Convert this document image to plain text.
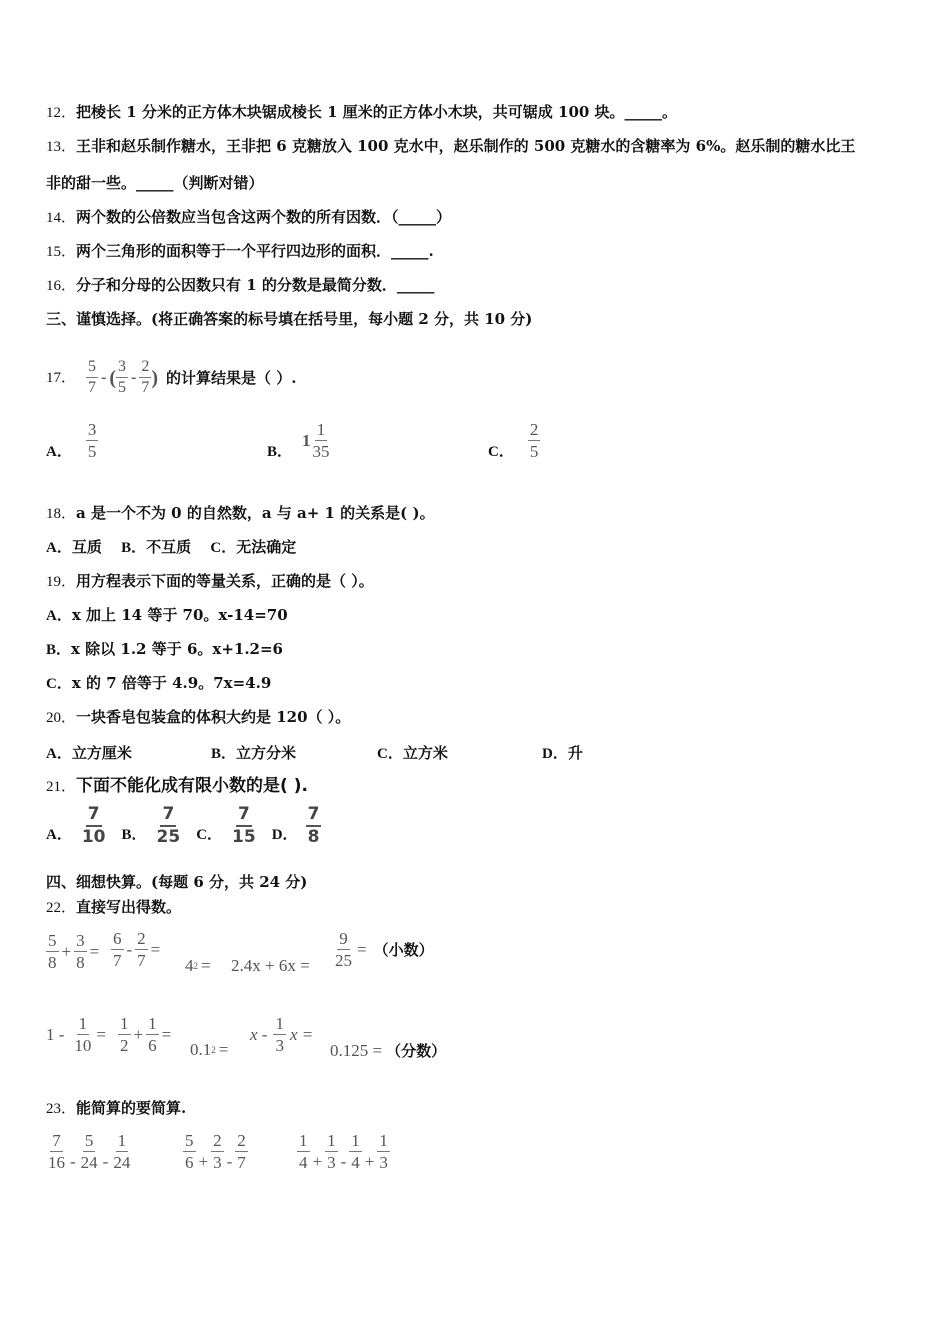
12．把棱长 1 分米的正方体木块锯成棱长 1 厘米的正方体小木块，共可锯成 100 块。_____。
13．王非和赵乐制作糖水，王非把 6 克糖放入 100 克水中，赵乐制作的 500 克糖水的含糖率为 6%。赵乐制的糖水比王
非的甜一些。_____（判断对错）
14．两个数的公倍数应当包含这两个数的所有因数．（_____）
15．两个三角形的面积等于一个平行四边形的面积．_____.
16．分子和分母的公因数只有 1 的分数是最简分数．_____
三、谨慎选择。(将正确答案的标号填在括号里，每小题 2 分，共 10 分)
17． $\frac{5}{7}$ - ( $\frac{3}{5} - \frac{2}{7}$ ) 的计算结果是（ ）.
A． $\frac{3}{5}$	B．
$1 \frac{1}{35}$	C． $\frac{2}{5}$
18．a 是一个不为 0 的自然数，a 与 a+ 1 的关系是( )。
A．互质 B．不互质 C．无法确定
19．用方程表示下面的等量关系，正确的是（ ）。
A．x 加上 14 等于 70。x-14=70
B．x 除以 1.2 等于 6。x+1.2=6
C．x 的 7 倍等于 4.9。7x=4.9
20．一块香皂包装盒的体积大约是 120（ ）。
A．立方厘米	B．立方分米	C．立方米	D．升
21．下面不能化成有限小数的是( ).
A． $\frac{7}{10}$ B． $\frac{7}{25}$ C． $\frac{7}{15}$ D． $\frac{7}{8}$
四、细想快算。(每题 6 分，共 24 分)
22．直接写出得数。
$\frac{5}{8} + \frac{3}{8} = \frac{6}{7} - \frac{2}{7}$ =
4 $2 = 2.4x + 6x = \frac{9}{25}$ = （小数）
$1 - \frac{1}{10} = \frac{1}{2} + \frac{1}{6}$ =
0.1 2 =
x - $\frac{1}{3}$ x =
0.125 = （分数）
23．能简算的要简算.
$\frac{7}{16} - \frac{5}{24} - \frac{1}{24}$	$\frac{5}{6} + \frac{2}{3} - \frac{2}{7}$	$\frac{1}{4} + \frac{1}{3} - \frac{1}{4} + \frac{1}{3}$
